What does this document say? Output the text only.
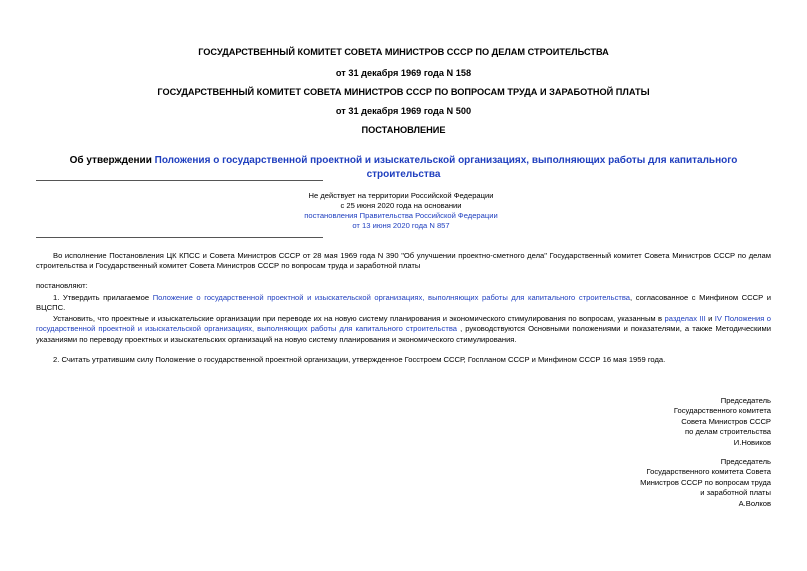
ГОСУДАРСТВЕННЫЙ КОМИТЕТ СОВЕТА МИНИСТРОВ СССР ПО ДЕЛАМ СТРОИТЕЛЬСТВА
от 31 декабря 1969 года N 158
ГОСУДАРСТВЕННЫЙ КОМИТЕТ СОВЕТА МИНИСТРОВ СССР ПО ВОПРОСАМ ТРУДА И ЗАРАБОТНОЙ ПЛАТЫ
от 31 декабря 1969 года N 500
ПОСТАНОВЛЕНИЕ
Об утверждении Положения о государственной проектной и изыскательской организациях, выполняющих работы для капитального строительства
Не действует на территории Российской Федерации
с 25 июня 2020 года на основании
постановления Правительства Российской Федерации
от 13 июня 2020 года N 857
Во исполнение Постановления ЦК КПСС и Совета Министров СССР от 28 мая 1969 года N 390 "Об улучшении проектно-сметного дела" Государственный комитет Совета Министров СССР по делам строительства и Государственный комитет Совета Министров СССР по вопросам труда и заработной платы
постановляют:
1. Утвердить прилагаемое Положение о государственной проектной и изыскательской организациях, выполняющих работы для капитального строительства, согласованное с Минфином СССР и ВЦСПС.
Установить, что проектные и изыскательские организации при переводе их на новую систему планирования и экономического стимулирования по вопросам, указанным в разделах III и IV Положения о государственной проектной и изыскательской организациях, выполняющих работы для капитального строительства , руководствуются Основными положениями и показателями, а также Методическими указаниями по переводу проектных и изыскательских организаций на новую систему планирования и экономического стимулирования.
2. Считать утратившим силу Положение о государственной проектной организации, утвержденное Госстроем СССР, Госпланом СССР и Минфином СССР 16 мая 1959 года.
Председатель
Государственного комитета
Совета Министров СССР
по делам строительства
И.Новиков
Председатель
Государственного комитета Совета
Министров СССР по вопросам труда
и заработной платы
А.Волков
